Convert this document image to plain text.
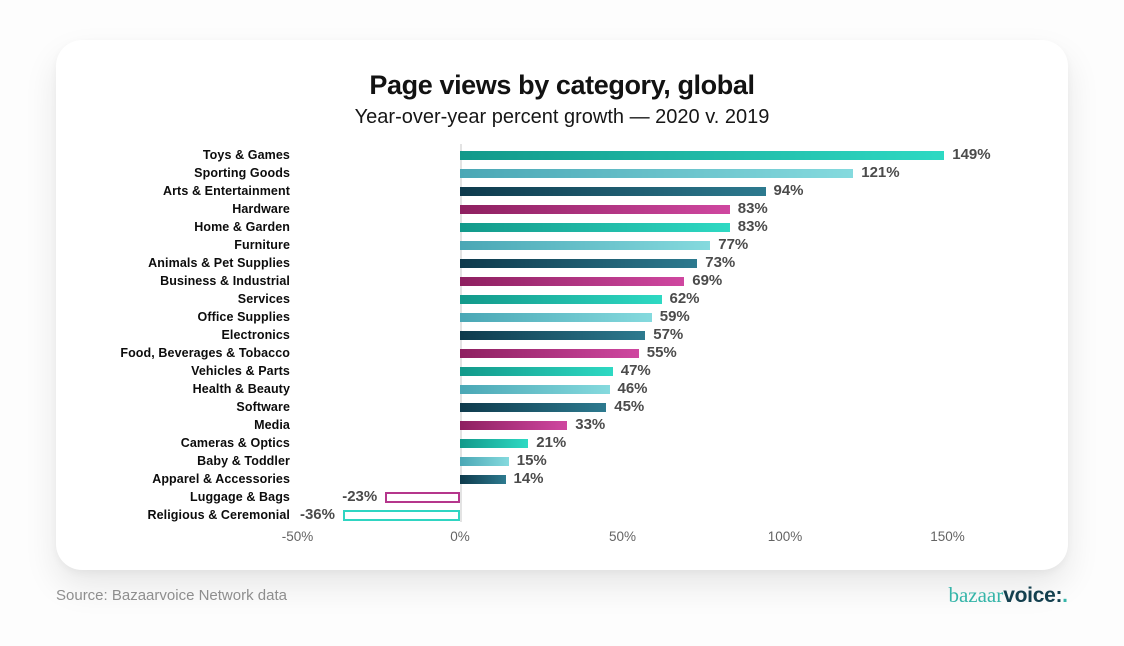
Page views by category, global
Year-over-year percent growth — 2020 v. 2019
Toys & Games	149%
Sporting Goods	121%
Arts & Entertainment	94%
Hardware	83%
Home & Garden	83%
Furniture	77%
Animals & Pet Supplies	73%
Business & Industrial	69%
Services	62%
Office Supplies	59%
Electronics	57%
Food, Beverages & Tobacco	55%
Vehicles & Parts	47%
Health & Beauty	46%
Software	45%
Media	33%
Cameras & Optics	21%
Baby & Toddler	15%
Apparel & Accessories	14%
Luggage & Bags	-23%
Religious & Ceremonial -36%
-50%	0%	50%	100%	150%
Source: Bazaarvoice Network data	bazaarvoice:.
